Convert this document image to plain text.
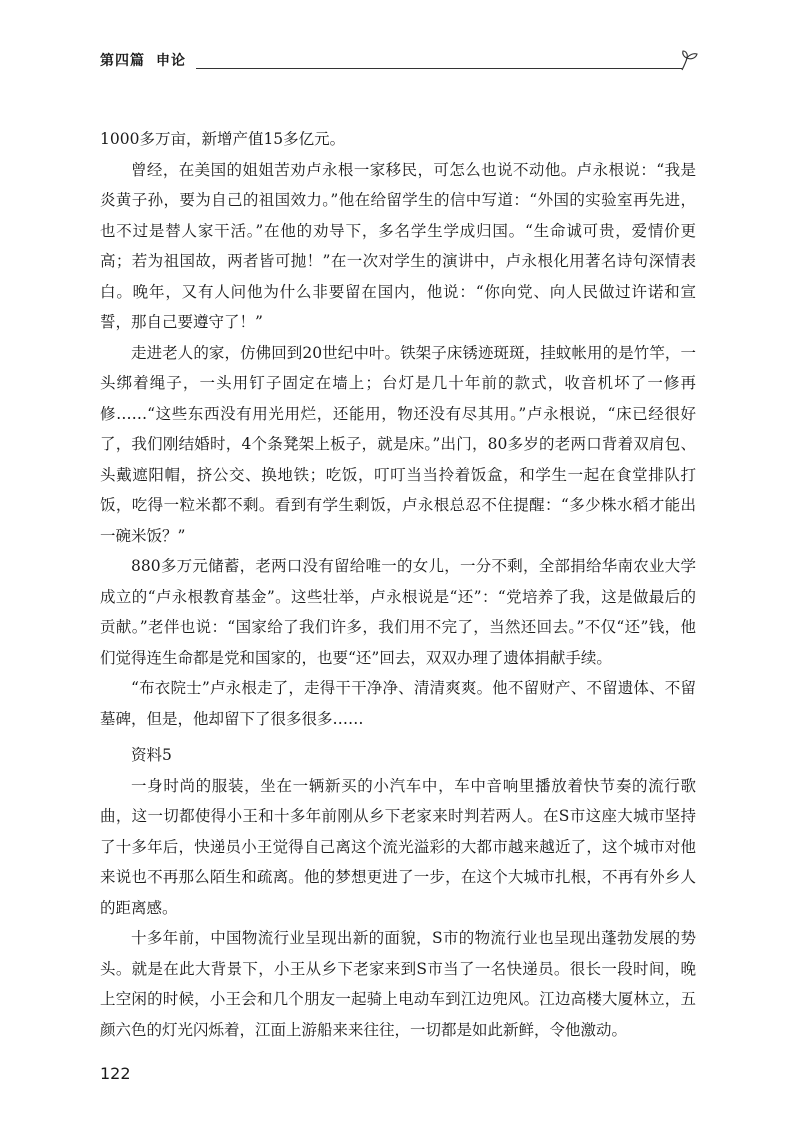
第四篇 申论

1000多万亩，新增产值15多亿元。

曾经，在美国的姐姐苦劝卢永根一家移民，可怎么也说不动他。卢永根说：“我是炎黄子孙，要为自己的祖国效力。”他在给留学生的信中写道：“外国的实验室再先进，也不过是替人家干活。”在他的劝导下，多名学生学成归国。“生命诚可贵，爱情价更高；若为祖国故，两者皆可抛！”在一次对学生的演讲中，卢永根化用著名诗句深情表白。晚年，又有人问他为什么非要留在国内，他说：“你向党、向人民做过许诺和宣誓，那自己要遵守了！”

走进老人的家，仿佛回到20世纪中叶。铁架子床锈迹斑斑，挂蚊帐用的是竹竿，一头绑着绳子，一头用钉子固定在墙上；台灯是几十年前的款式，收音机坏了一修再修……“这些东西没有用光用烂，还能用，物还没有尽其用。”卢永根说，“床已经很好了，我们刚结婚时，4个条凳架上板子，就是床。”出门，80多岁的老两口背着双肩包、头戴遮阳帽，挤公交、换地铁；吃饭，叮叮当当拎着饭盒，和学生一起在食堂排队打饭，吃得一粒米都不剩。看到有学生剩饭，卢永根总忍不住提醒：“多少株水稻才能出一碗米饭？”

880多万元储蓄，老两口没有留给唯一的女儿，一分不剩，全部捐给华南农业大学成立的“卢永根教育基金”。这些壮举，卢永根说是“还”：“党培养了我，这是做最后的贡献。”老伴也说：“国家给了我们许多，我们用不完了，当然还回去。”不仅“还”钱，他们觉得连生命都是党和国家的，也要“还”回去，双双办理了遗体捐献手续。

“布衣院士”卢永根走了，走得干干净净、清清爽爽。他不留财产、不留遗体、不留墓碑，但是，他却留下了很多很多……

资料5

一身时尚的服装，坐在一辆新买的小汽车中，车中音响里播放着快节奏的流行歌曲，这一切都使得小王和十多年前刚从乡下老家来时判若两人。在S市这座大城市坚持了十多年后，快递员小王觉得自己离这个流光溢彩的大都市越来越近了，这个城市对他来说也不再那么陌生和疏离。他的梦想更进了一步，在这个大城市扎根，不再有外乡人的距离感。

十多年前，中国物流行业呈现出新的面貌，S市的物流行业也呈现出蓬勃发展的势头。就是在此大背景下，小王从乡下老家来到S市当了一名快递员。很长一段时间，晚上空闲的时候，小王会和几个朋友一起骑上电动车到江边兜风。江边高楼大厦林立，五颜六色的灯光闪烁着，江面上游船来来往往，一切都是如此新鲜，令他激动。

122
